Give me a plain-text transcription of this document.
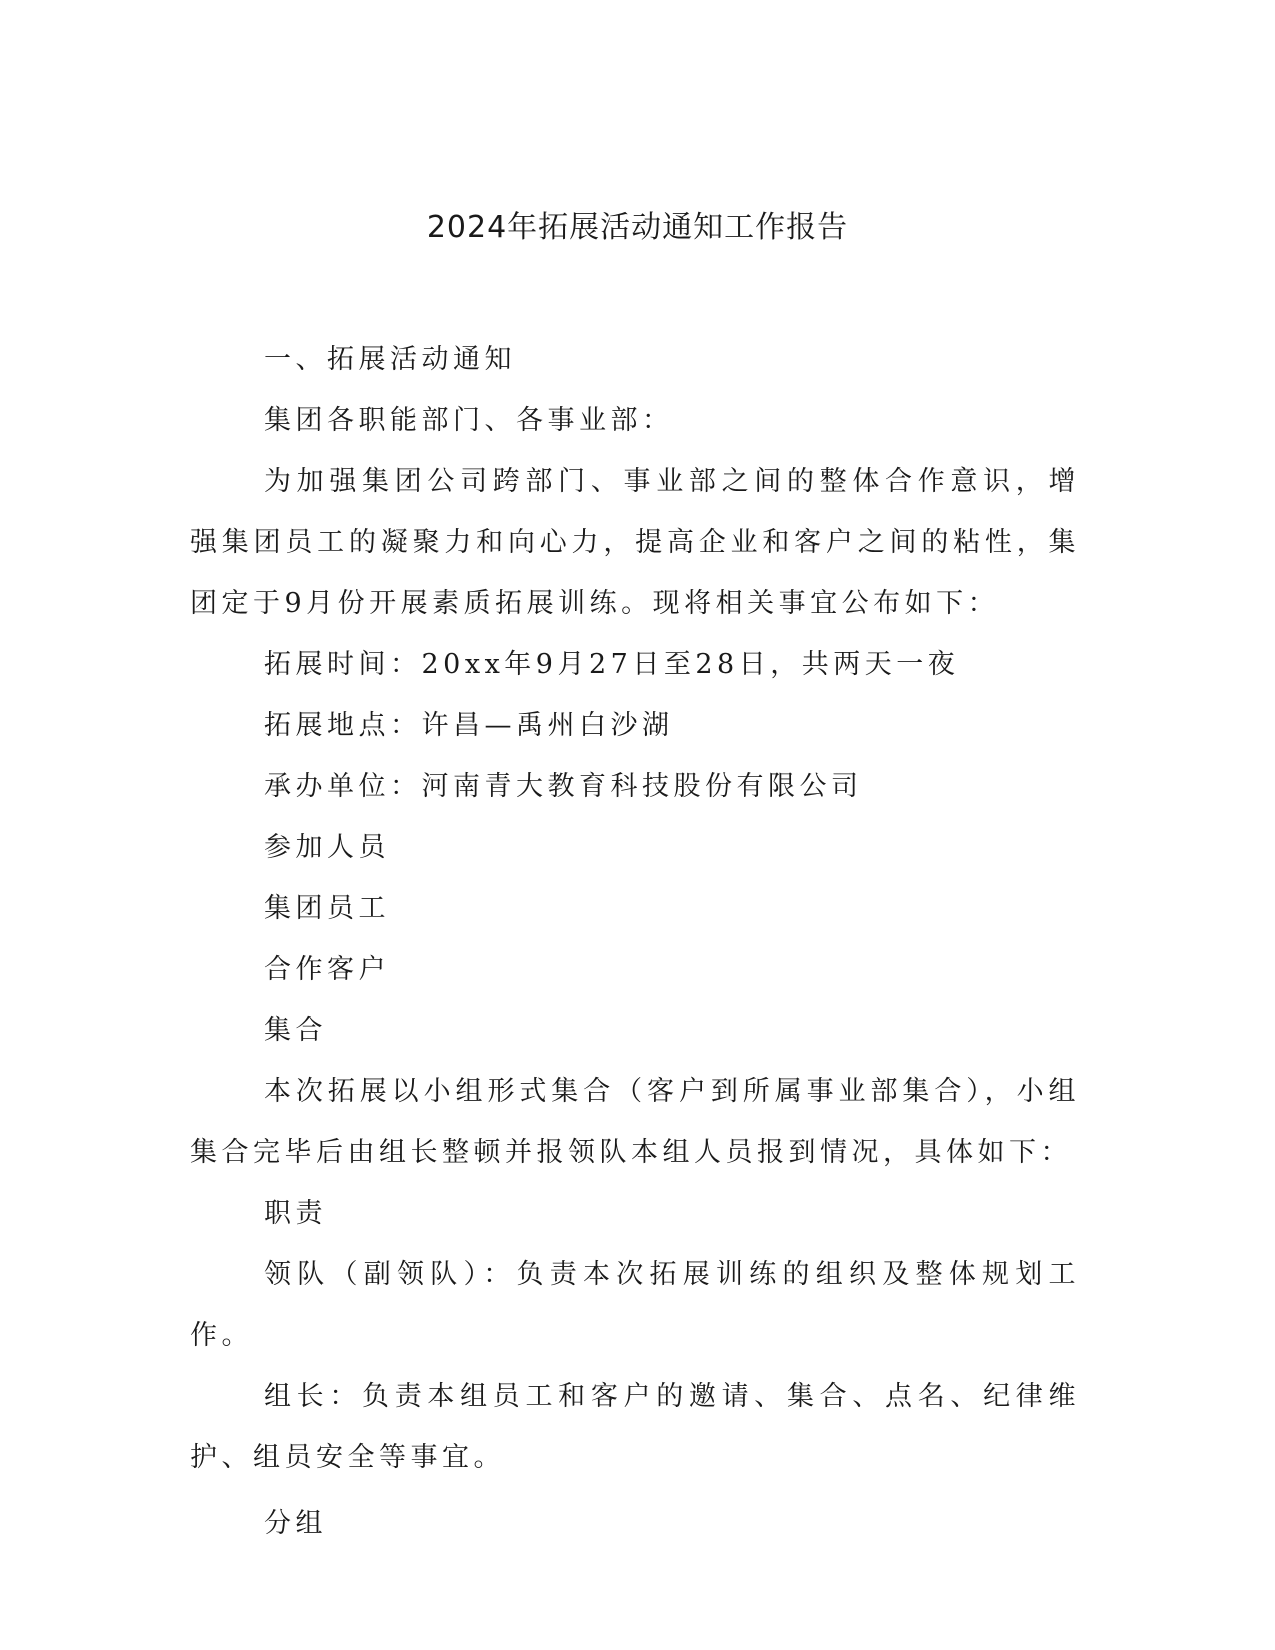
2024年拓展活动通知工作报告

一、拓展活动通知

集团各职能部门、各事业部：

为加强集团公司跨部门、事业部之间的整体合作意识，增强集团员工的凝聚力和向心力，提高企业和客户之间的粘性，集团定于9月份开展素质拓展训练。现将相关事宜公布如下：

拓展时间：20xx年9月27日至28日，共两天一夜

拓展地点：许昌—禹州白沙湖

承办单位：河南青大教育科技股份有限公司

参加人员

集团员工

合作客户

集合

本次拓展以小组形式集合（客户到所属事业部集合），小组集合完毕后由组长整顿并报领队本组人员报到情况，具体如下：

职责

领队（副领队）：负责本次拓展训练的组织及整体规划工作。

组长：负责本组员工和客户的邀请、集合、点名、纪律维护、组员安全等事宜。

分组
